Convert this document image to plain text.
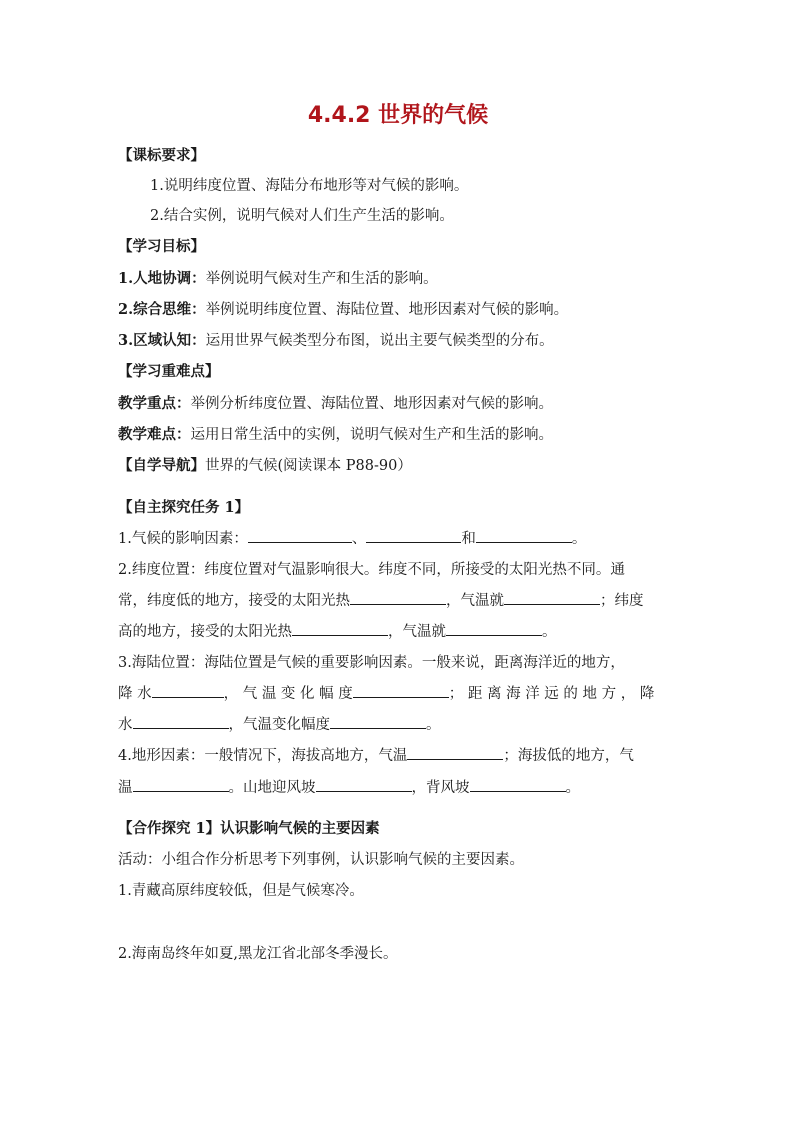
4.4.2 世界的气候
【课标要求】
1.说明纬度位置、海陆分布地形等对气候的影响。
2.结合实例，说明气候对人们生产生活的影响。
【学习目标】
1.人地协调：举例说明气候对生产和生活的影响。
2.综合思维：举例说明纬度位置、海陆位置、地形因素对气候的影响。
3.区域认知：运用世界气候类型分布图，说出主要气候类型的分布。
【学习重难点】
教学重点：举例分析纬度位置、海陆位置、地形因素对气候的影响。
教学难点：运用日常生活中的实例，说明气候对生产和生活的影响。
【自学导航】世界的气候(阅读课本 P88-90）
【自主探究任务 1】
1.气候的影响因素：	、	和	。
2.纬度位置：纬度位置对气温影响很大。纬度不同，所接受的太阳光热不同。通
常，纬度低的地方，接受的太阳光热	，气温就	；纬度
高的地方，接受的太阳光热	，气温就	。
3.海陆位置：海陆位置是气候的重要影响因素。一般来说，距离海洋近的地方，
降 水	， 气 温 变 化 幅 度	； 距 离 海 洋 远 的 地 方 ， 降
水	，气温变化幅度	。
4.地形因素：一般情况下，海拔高地方，气温	；海拔低的地方，气
温	。山地迎风坡	，背风坡	。
【合作探究 1】认识影响气候的主要因素
活动：小组合作分析思考下列事例，认识影响气候的主要因素。
1.青藏高原纬度较低，但是气候寒冷。
2.海南岛终年如夏,黑龙江省北部冬季漫长。
